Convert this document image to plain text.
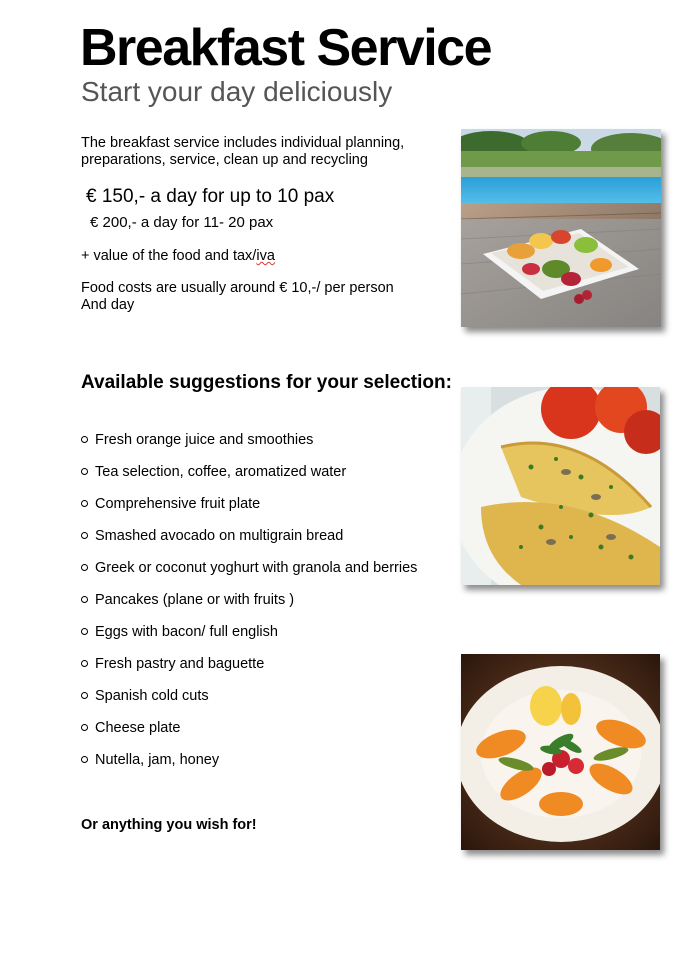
Breakfast Service
Start your day deliciously
The breakfast service includes individual planning,
preparations, service, clean up and recycling
€ 150,- a day for up to 10 pax
€ 200,- a day for 11- 20 pax
+ value of the food and tax/iva
Food costs are usually around € 10,-/ per person
And day
Available suggestions for your selection:
Fresh orange juice and smoothies
Tea selection, coffee, aromatized water
Comprehensive fruit plate
Smashed avocado on multigrain bread
Greek or coconut yoghurt with granola and berries
Pancakes (plane or with fruits )
Eggs with bacon/ full english
Fresh pastry and baguette
Spanish cold cuts
Cheese plate
Nutella, jam, honey
Or anything you wish for!
